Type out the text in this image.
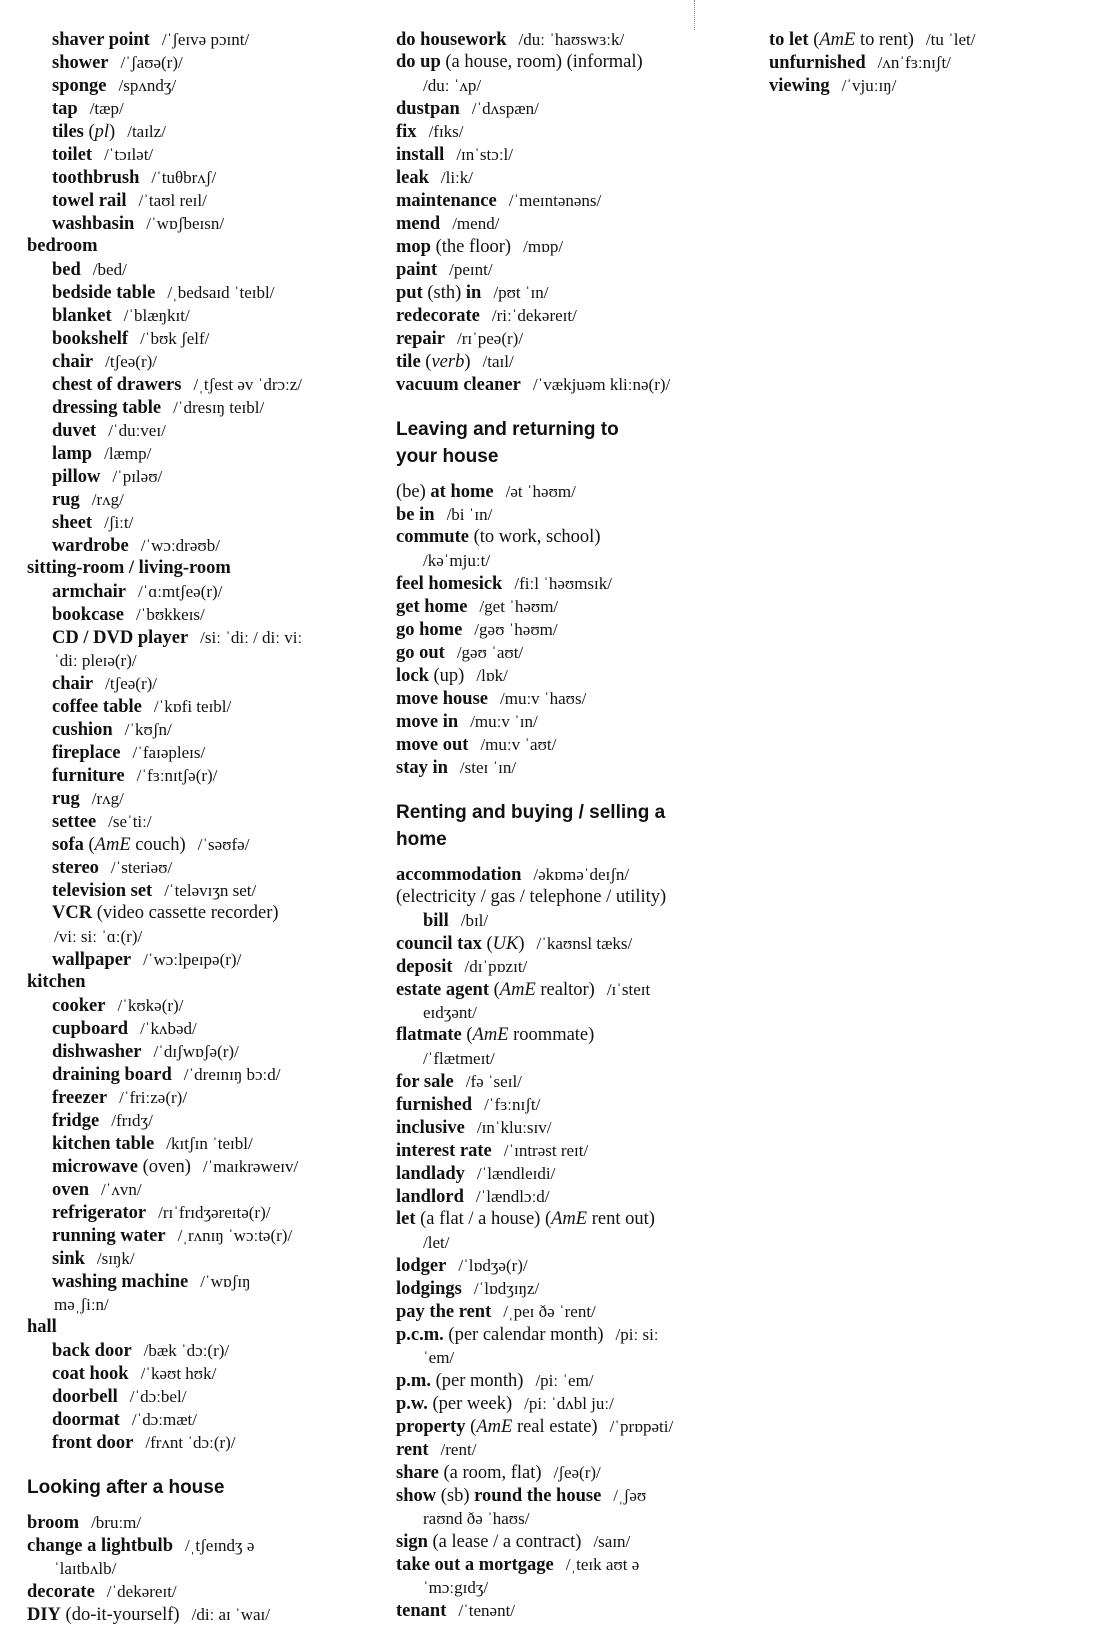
shaver point /ˈʃeɪvə pɔɪnt/
shower /ˈʃaʊə(r)/
sponge /spʌndʒ/
tap /tæp/
tiles (pl) /taɪlz/
toilet /ˈtɔɪlət/
toothbrush /ˈtuθbrʌʃ/
towel rail /ˈtaʊl reɪl/
washbasin /ˈwɒʃbeɪsn/
bedroom
bed /bed/
bedside table /ˌbedsaɪd ˈteɪbl/
blanket /ˈblæŋkɪt/
bookshelf /ˈbʊk ʃelf/
chair /tʃeə(r)/
chest of drawers /ˌtʃest əv ˈdrɔːz/
dressing table /ˈdresɪŋ teɪbl/
duvet /ˈduːveɪ/
lamp /læmp/
pillow /ˈpɪləʊ/
rug /rʌg/
sheet /ʃiːt/
wardrobe /ˈwɔːdrəʊb/
sitting-room / living-room
armchair /ˈɑːmtʃeə(r)/
bookcase /ˈbʊkkeɪs/
CD / DVD player /siː ˈdiː / diː viː
ˈdiː pleɪə(r)/
chair /tʃeə(r)/
coffee table /ˈkɒfi teɪbl/
cushion /ˈkʊʃn/
fireplace /ˈfaɪəpleɪs/
furniture /ˈfɜːnɪtʃə(r)/
rug /rʌg/
settee /seˈtiː/
sofa (AmE couch) /ˈsəʊfə/
stereo /ˈsteriəʊ/
television set /ˈteləvɪʒn set/
VCR (video cassette recorder)
/viː siː ˈɑː(r)/
wallpaper /ˈwɔːlpeɪpə(r)/
kitchen
cooker /ˈkʊkə(r)/
cupboard /ˈkʌbəd/
dishwasher /ˈdɪʃwɒʃə(r)/
draining board /ˈdreɪnɪŋ bɔːd/
freezer /ˈfriːzə(r)/
fridge /frɪdʒ/
kitchen table /kɪtʃɪn ˈteɪbl/
microwave (oven) /ˈmaɪkrəweɪv/
oven /ˈʌvn/
refrigerator /rɪˈfrɪdʒəreɪtə(r)/
running water /ˌrʌnɪŋ ˈwɔːtə(r)/
sink /sɪŋk/
washing machine /ˈwɒʃɪŋ
məˌʃiːn/
hall
back door /bæk ˈdɔː(r)/
coat hook /ˈkəʊt hʊk/
doorbell /ˈdɔːbel/
doormat /ˈdɔːmæt/
front door /frʌnt ˈdɔː(r)/
Looking after a house
broom /bruːm/
change a lightbulb /ˌtʃeɪndʒ ə
ˈlaɪtbʌlb/
decorate /ˈdekəreɪt/
DIY (do-it-yourself) /diː aɪ ˈwaɪ/
do housework /duː ˈhaʊswɜːk/
do up (a house, room) (informal)
/duː ˈʌp/
dustpan /ˈdʌspæn/
fix /fɪks/
install /ɪnˈstɔːl/
leak /liːk/
maintenance /ˈmeɪntənəns/
mend /mend/
mop (the floor) /mɒp/
paint /peɪnt/
put (sth) in /pʊt ˈɪn/
redecorate /riːˈdekəreɪt/
repair /rɪˈpeə(r)/
tile (verb) /taɪl/
vacuum cleaner /ˈvækjuəm kliːnə(r)/
Leaving and returning to
your house
(be) at home /ət ˈhəʊm/
be in /bi ˈɪn/
commute (to work, school)
/kəˈmjuːt/
feel homesick /fiːl ˈhəʊmsɪk/
get home /get ˈhəʊm/
go home /gəʊ ˈhəʊm/
go out /gəʊ ˈaʊt/
lock (up) /lɒk/
move house /muːv ˈhaʊs/
move in /muːv ˈɪn/
move out /muːv ˈaʊt/
stay in /steɪ ˈɪn/
Renting and buying / selling a
home
accommodation /əkɒməˈdeɪʃn/
(electricity / gas / telephone / utility)
bill /bɪl/
council tax (UK) /ˈkaʊnsl tæks/
deposit /dɪˈpɒzɪt/
estate agent (AmE realtor) /ɪˈsteɪt
eɪdʒənt/
flatmate (AmE roommate)
/ˈflætmeɪt/
for sale /fə ˈseɪl/
furnished /ˈfɜːnɪʃt/
inclusive /ɪnˈkluːsɪv/
interest rate /ˈɪntrəst reɪt/
landlady /ˈlændleɪdi/
landlord /ˈlændlɔːd/
let (a flat / a house) (AmE rent out)
/let/
lodger /ˈlɒdʒə(r)/
lodgings /ˈlɒdʒɪŋz/
pay the rent /ˌpeɪ ðə ˈrent/
p.c.m. (per calendar month) /piː siː
ˈem/
p.m. (per month) /piː ˈem/
p.w. (per week) /piː ˈdʌbl juː/
property (AmE real estate) /ˈprɒpəti/
rent /rent/
share (a room, flat) /ʃeə(r)/
show (sb) round the house /ˌʃəʊ
raʊnd ðə ˈhaʊs/
sign (a lease / a contract) /saɪn/
take out a mortgage /ˌteɪk aʊt ə
ˈmɔːgɪdʒ/
tenant /ˈtenənt/
to let (AmE to rent) /tu ˈlet/
unfurnished /ʌnˈfɜːnɪʃt/
viewing /ˈvjuːɪŋ/
